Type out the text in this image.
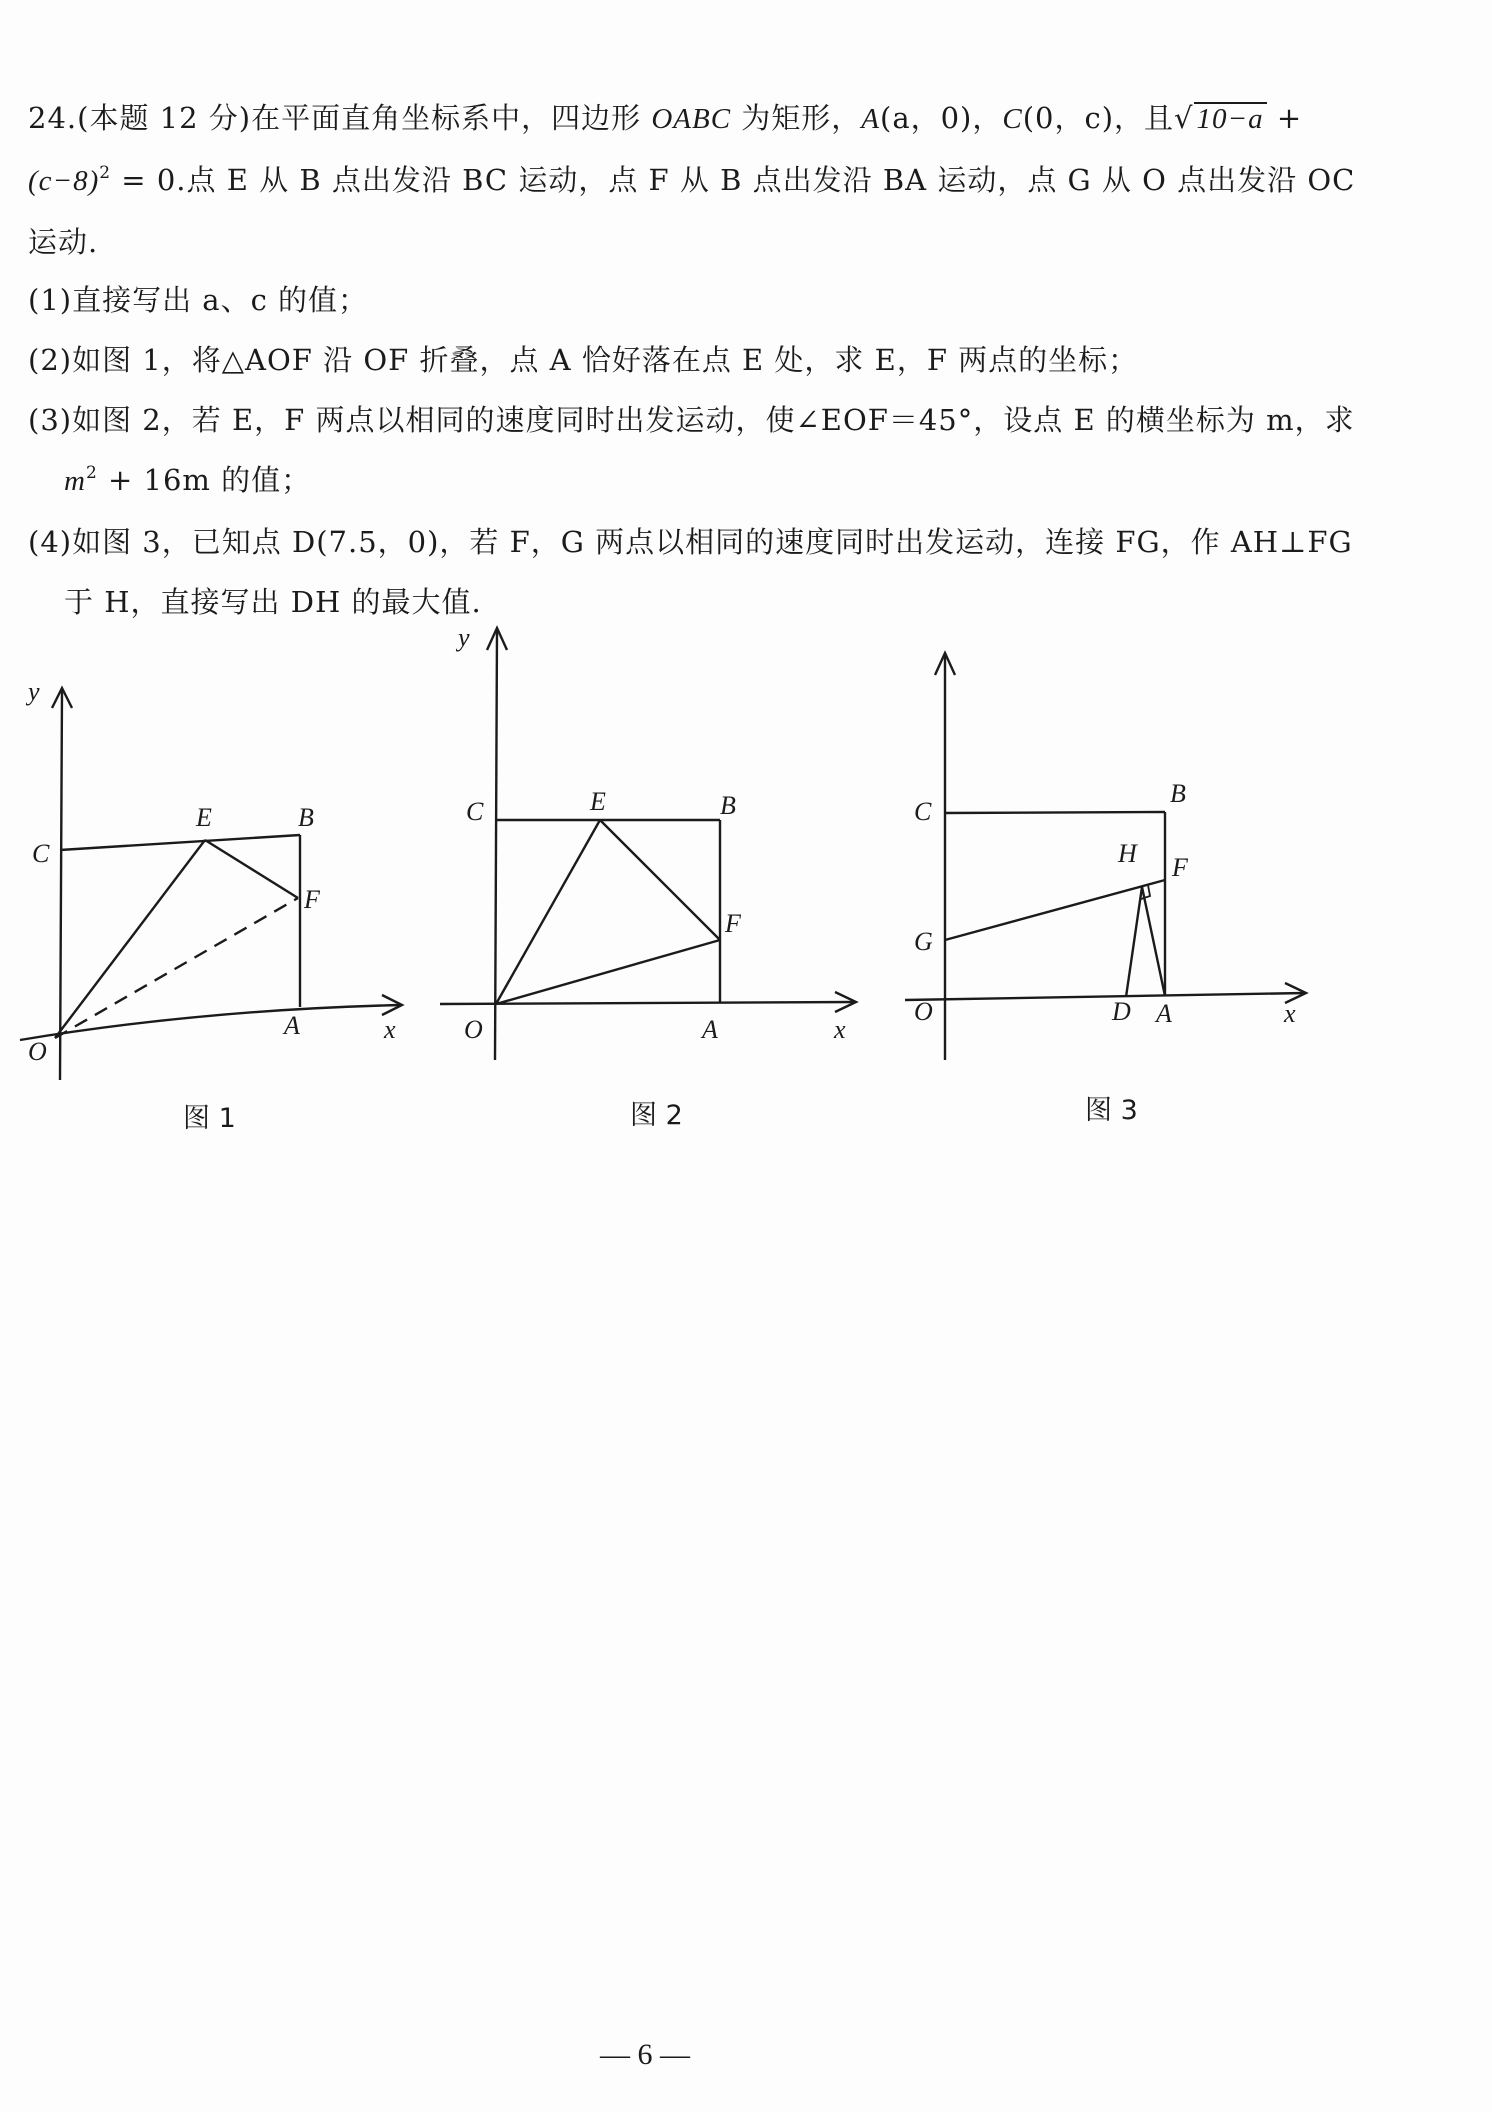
24.(本题 12 分)在平面直角坐标系中，四边形 OABC 为矩形，A(a，0)，C(0，c)，且√ 10−a +
$(c-8)^2 = 0$.点 E 从 B 点出发沿 BC 运动，点 F 从 B 点出发沿 BA 运动，点 G 从 O 点出发沿 OC
运动.
(1)直接写出 a、c 的值；
(2)如图 1，将△AOF 沿 OF 折叠，点 A 恰好落在点 E 处，求 E，F 两点的坐标；
(3)如图 2，若 E，F 两点以相同的速度同时出发运动，使∠EOF＝45°，设点 E 的横坐标为 m，求
$m^2 + 16m$ 的值；
(4)如图 3，已知点 D(7.5，0)，若 F，G 两点以相同的速度同时出发运动，连接 FG，作 AH⊥FG
于 H，直接写出 DH 的最大值.
y
C
E	B
F
A	x
O
图 1
y
C	E	B
F
A	x
O
图 2
C
B
H F
G
O	D A	x
图 3
— 6 —
